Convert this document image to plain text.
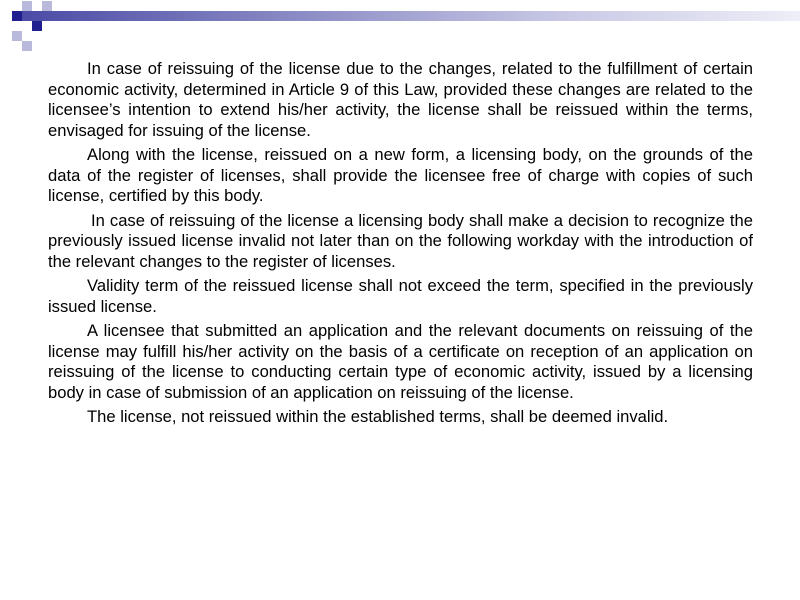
In case of reissuing of the license due to the changes, related to the fulfillment of certain economic activity, determined in Article 9 of this Law, provided these changes are related to the licensee’s intention to extend his/her activity, the license shall be reissued within the terms, envisaged for issuing of the license.

Along with the license, reissued on a new form, a licensing body, on the grounds of the data of the register of licenses, shall provide the licensee free of charge with copies of such license, certified by this body.

In case of reissuing of the license a licensing body shall make a decision to recognize the previously issued license invalid not later than on the following workday with the introduction of the relevant changes to the register of licenses.

Validity term of the reissued license shall not exceed the term, specified in the previously issued license.

A licensee that submitted an application and the relevant documents on reissuing of the license may fulfill his/her activity on the basis of a certificate on reception of an application on reissuing of the license to conducting certain type of economic activity, issued by a licensing body in case of submission of an application on reissuing of the license.

The license, not reissued within the established terms, shall be deemed invalid.
